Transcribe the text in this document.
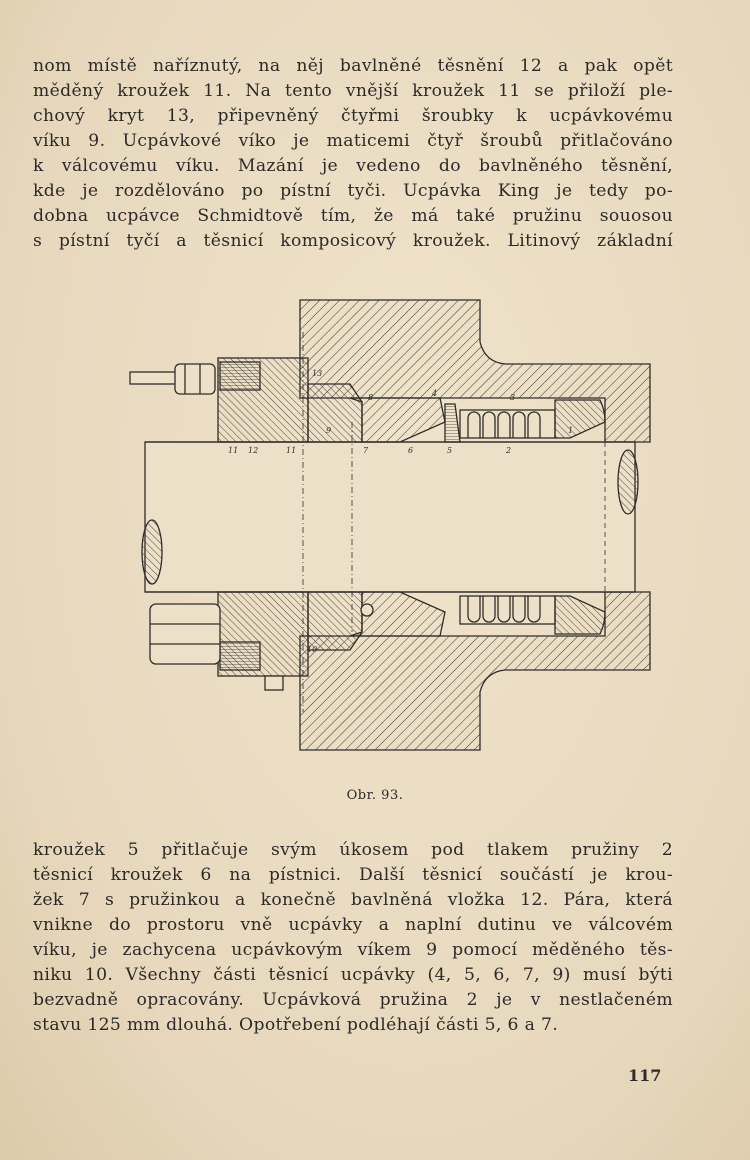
nom místě naříznutý, na něj bavlněné těsnění 12 a pak opět
měděný kroužek 11. Na tento vnější kroužek 11 se přiloží ple-
chový kryt 13, připevněný čtyřmi šroubky k ucpávkovému
víku 9. Ucpávkové víko je maticemi čtyř šroubů přitlačováno
k válcovému víku. Mazání je vedeno do bavlněného těsnění,
kde je rozdělováno po pístní tyči. Ucpávka King je tedy po-
dobna ucpávce Schmidtově tím, že má také pružinu souosou
s pístní tyčí a těsnicí komposicový kroužek. Litinový základní
13
8	4	3
9	1
11 12	11	7	6	5	2
10
Obr. 93.
kroužek 5 přitlačuje svým úkosem pod tlakem pružiny 2
těsnicí kroužek 6 na pístnici. Další těsnicí součástí je krou-
žek 7 s pružinkou a konečně bavlněná vložka 12. Pára, která
vnikne do prostoru vně ucpávky a naplní dutinu ve válcovém
víku, je zachycena ucpávkovým víkem 9 pomocí měděného těs-
niku 10. Všechny části těsnicí ucpávky (4, 5, 6, 7, 9) musí býti
bezvadně opracovány. Ucpávková pružina 2 je v nestlačeném
stavu 125 mm dlouhá. Opotřebení podléhají části 5, 6 a 7.
117
